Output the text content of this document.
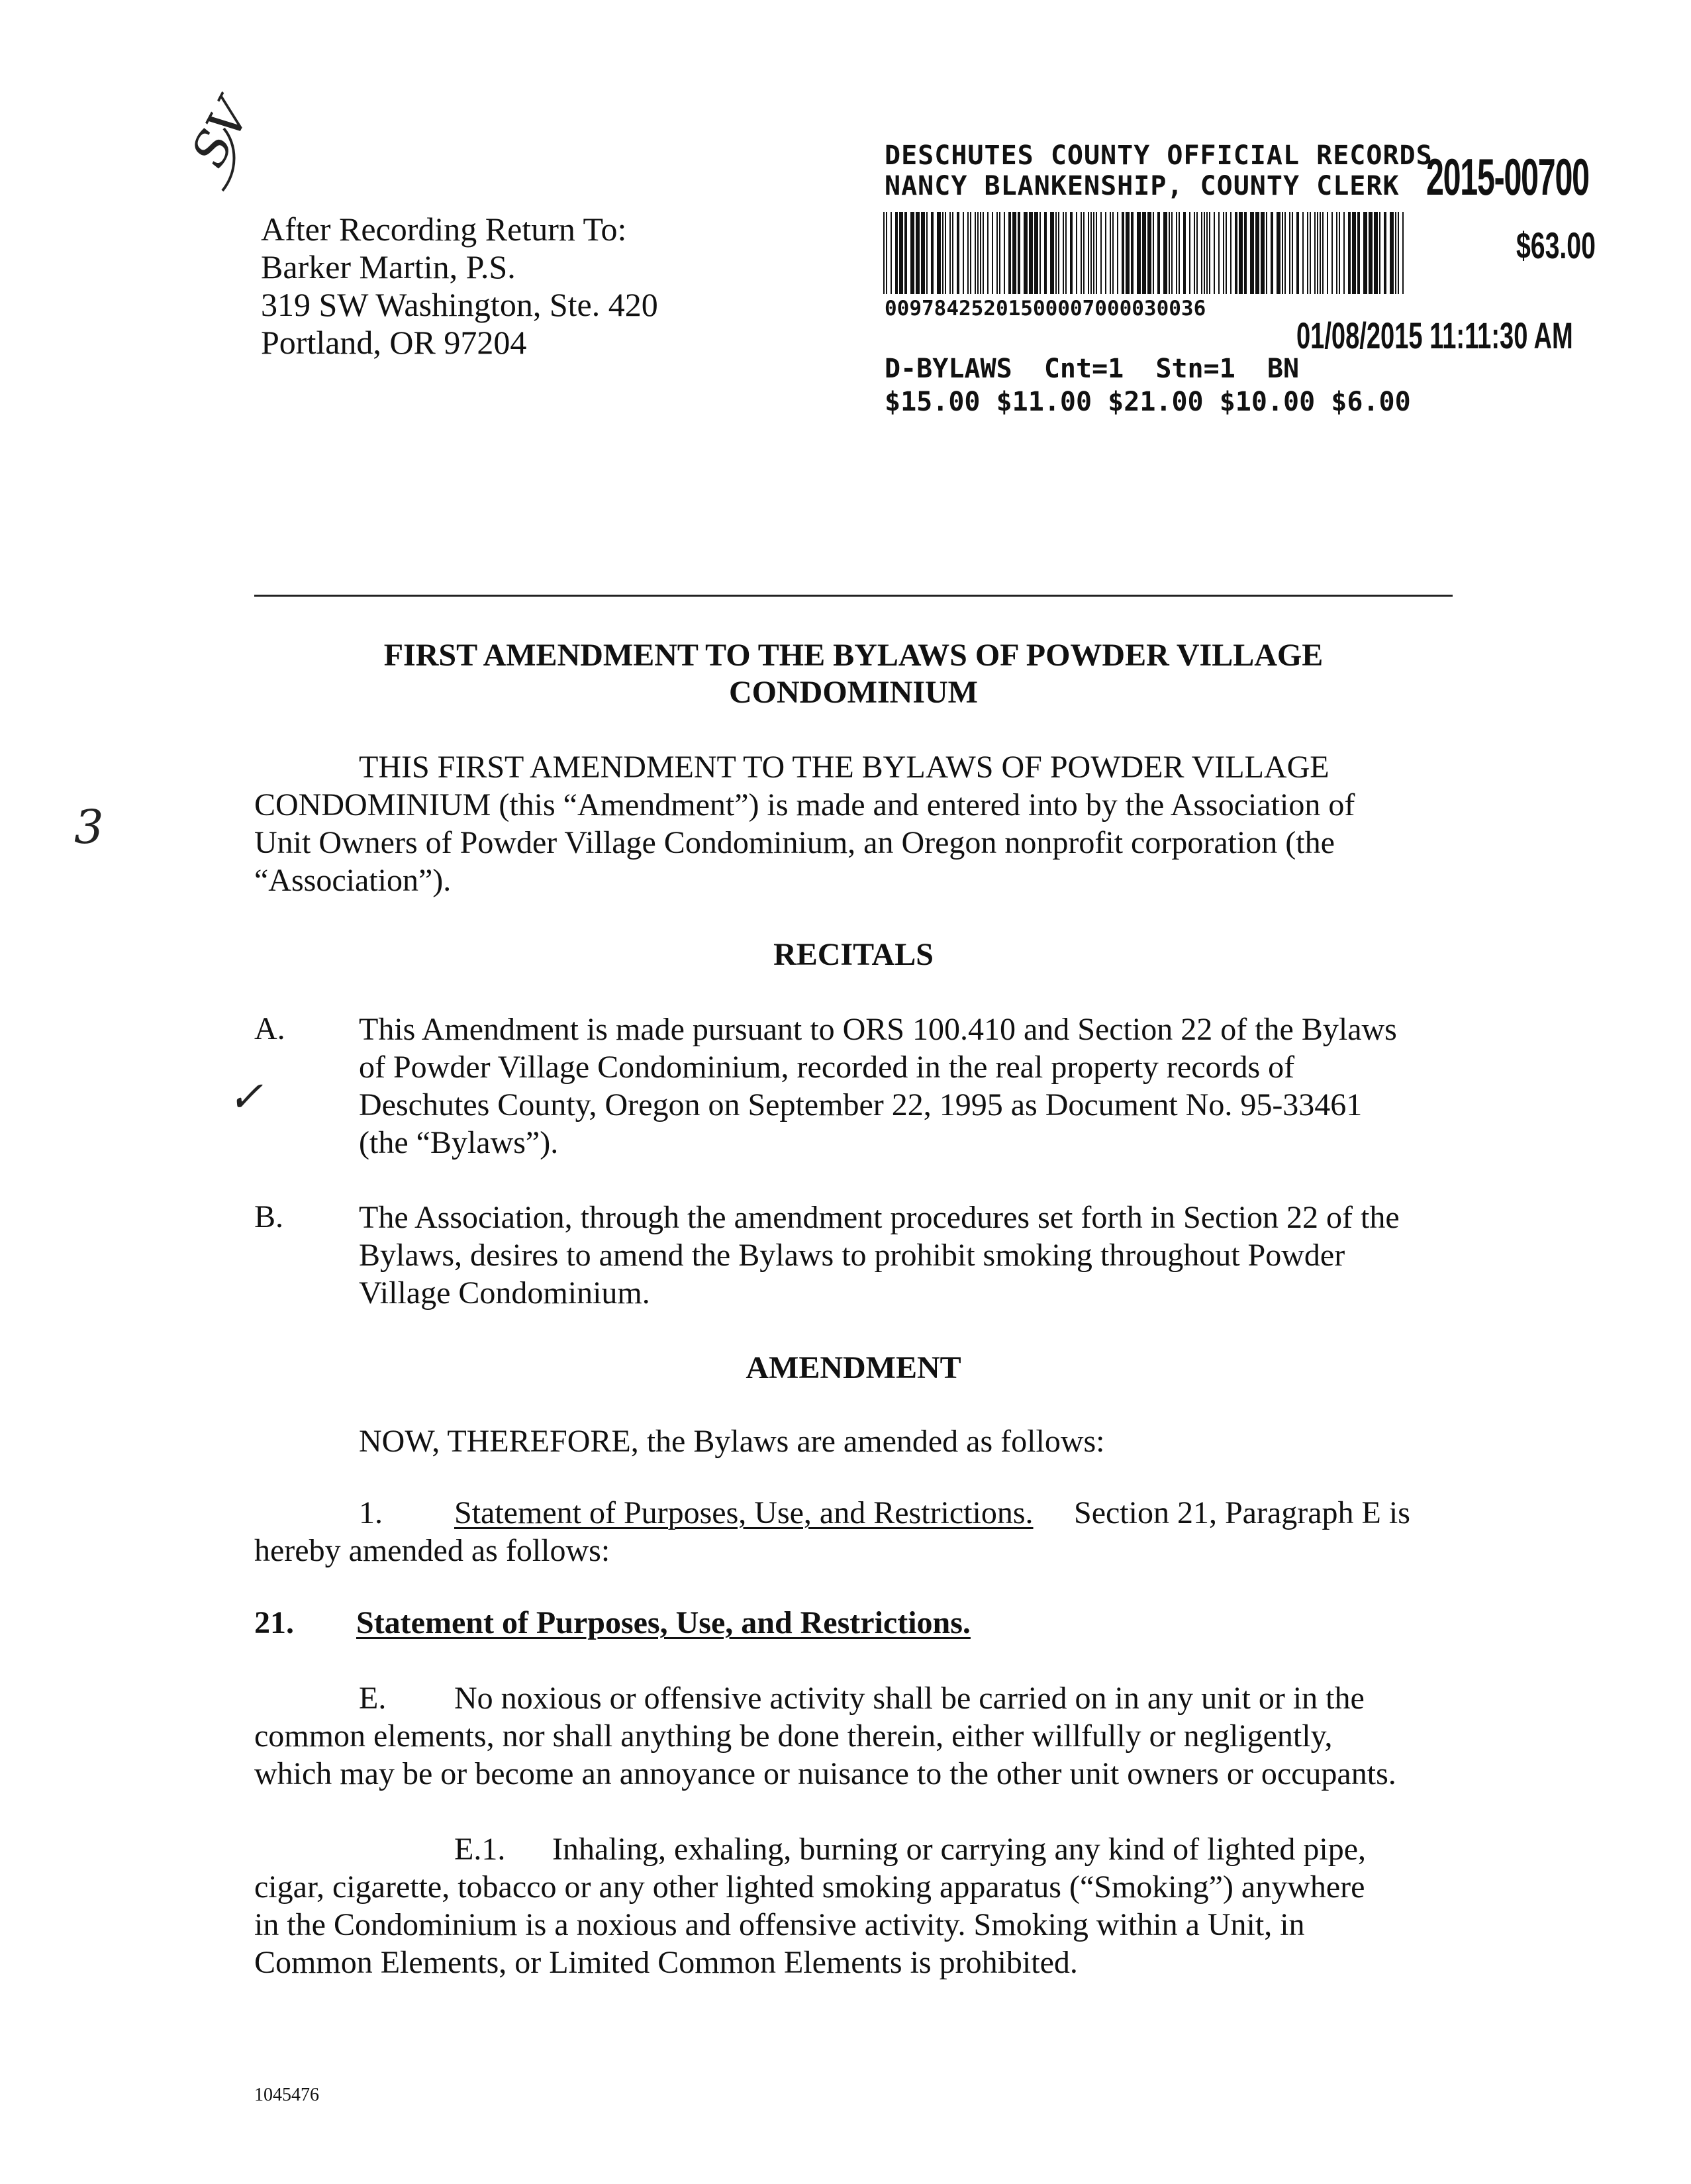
SV
3
✓
After Recording Return To:
Barker Martin, P.S.
319 SW Washington, Ste. 420
Portland, OR 97204
DESCHUTES COUNTY OFFICIAL RECORDS
NANCY BLANKENSHIP, COUNTY CLERK 2015-00700
$63.00
00978425201500007000030036
01/08/2015 11:11:30 AM
D-BYLAWS  Cnt=1  Stn=1  BN
$15.00 $11.00 $21.00 $10.00 $6.00
FIRST AMENDMENT TO THE BYLAWS OF POWDER VILLAGE
CONDOMINIUM
THIS FIRST AMENDMENT TO THE BYLAWS OF POWDER VILLAGE
CONDOMINIUM (this “Amendment”) is made and entered into by the Association of
Unit Owners of Powder Village Condominium, an Oregon nonprofit corporation (the
“Association”).
RECITALS
A. This Amendment is made pursuant to ORS 100.410 and Section 22 of the Bylaws
of Powder Village Condominium, recorded in the real property records of
Deschutes County, Oregon on September 22, 1995 as Document No. 95-33461
(the “Bylaws”).
B. The Association, through the amendment procedures set forth in Section 22 of the
Bylaws, desires to amend the Bylaws to prohibit smoking throughout Powder
Village Condominium.
AMENDMENT
NOW, THEREFORE, the Bylaws are amended as follows:
1. Statement of Purposes, Use, and Restrictions. Section 21, Paragraph E is
hereby amended as follows:
21. Statement of Purposes, Use, and Restrictions.
E. No noxious or offensive activity shall be carried on in any unit or in the
common elements, nor shall anything be done therein, either willfully or negligently,
which may be or become an annoyance or nuisance to the other unit owners or occupants.
E.1. Inhaling, exhaling, burning or carrying any kind of lighted pipe,
cigar, cigarette, tobacco or any other lighted smoking apparatus (“Smoking”) anywhere
in the Condominium is a noxious and offensive activity. Smoking within a Unit, in
Common Elements, or Limited Common Elements is prohibited.
1045476
